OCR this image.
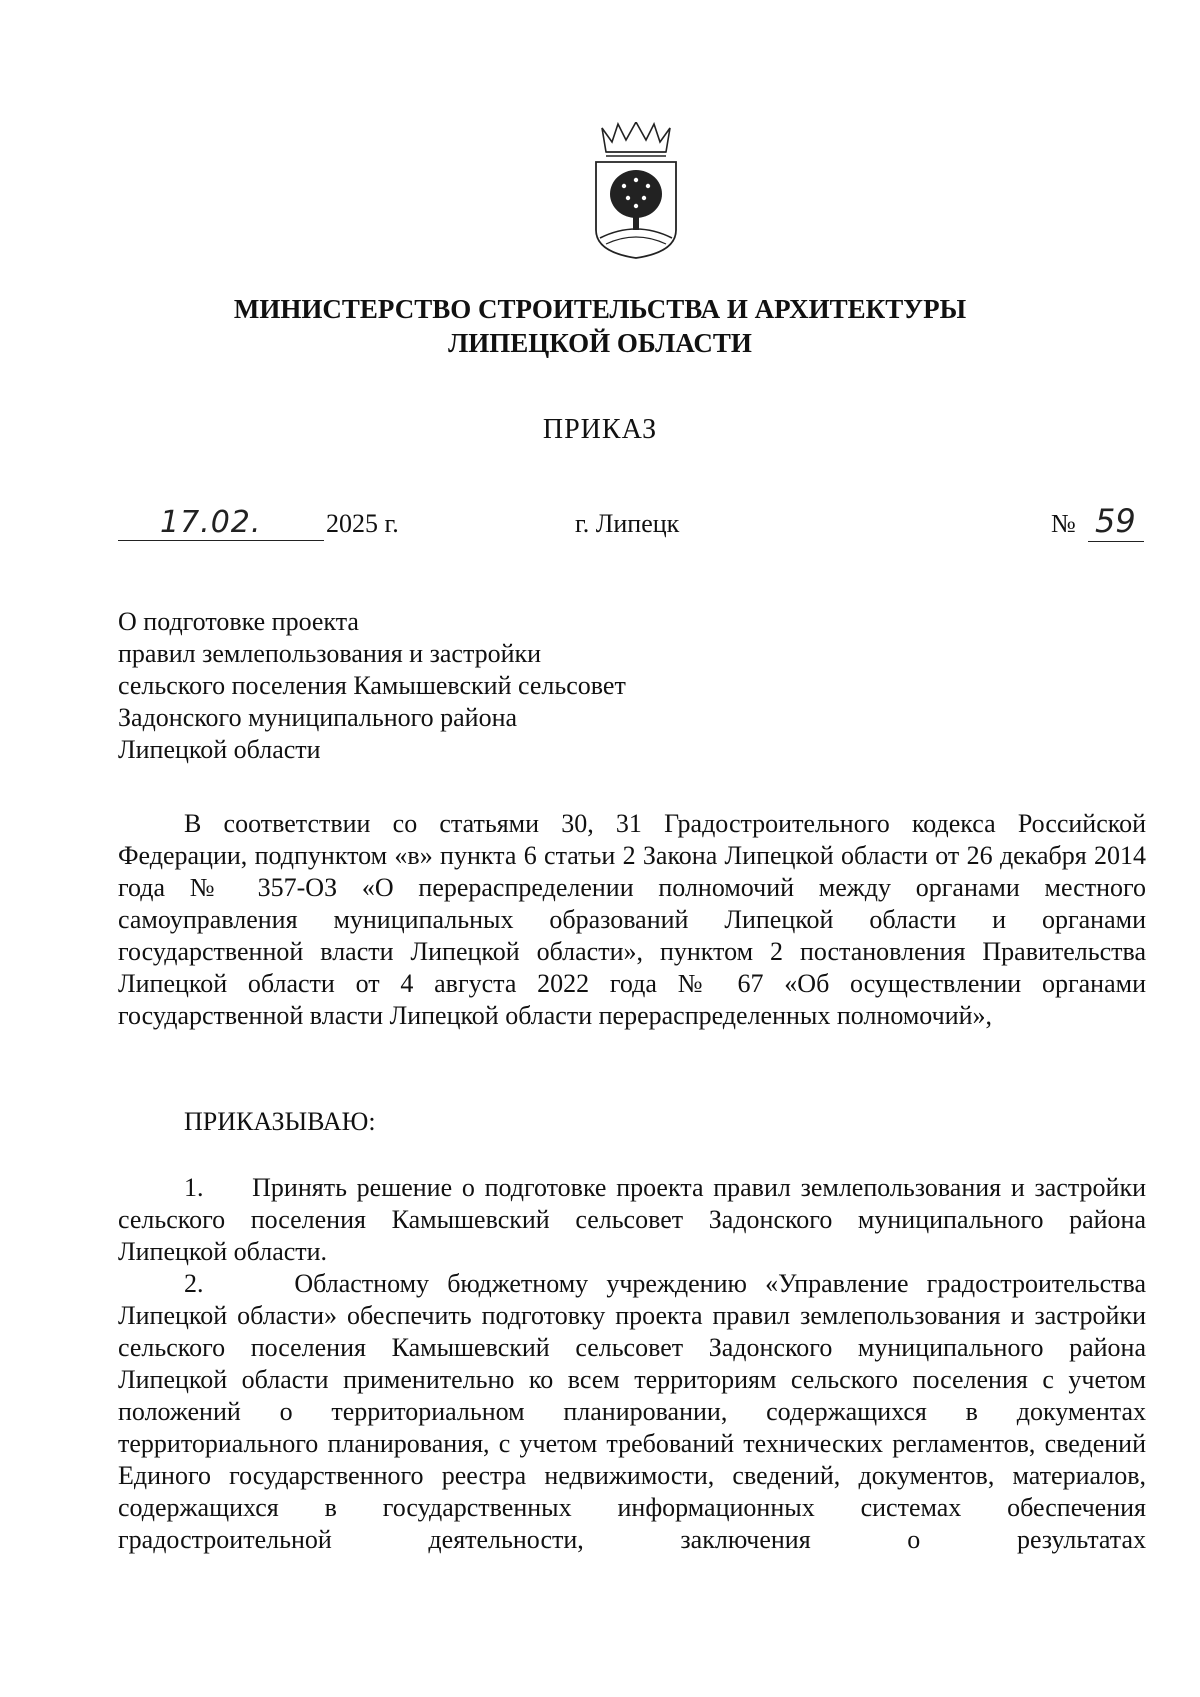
МИНИСТЕРСТВО СТРОИТЕЛЬСТВА И АРХИТЕКТУРЫ
ЛИПЕЦКОЙ ОБЛАСТИ
ПРИКАЗ
17.02. 2025 г.	г. Липецк	№ 59
О подготовке проекта
правил землепользования и застройки
сельского поселения Камышевский сельсовет
Задонского муниципального района
Липецкой области

В соответствии со статьями 30, 31 Градостроительного кодекса Российской Федерации, подпунктом «в» пункта 6 статьи 2 Закона Липецкой области от 26 декабря 2014 года № 357-ОЗ «О перераспределении полномочий между органами местного самоуправления муниципальных образований Липецкой области и органами государственной власти Липецкой области», пунктом 2 постановления Правительства Липецкой области от 4 августа 2022 года № 67 «Об осуществлении органами государственной власти Липецкой области перераспределенных полномочий»,

ПРИКАЗЫВАЮ:

1.     Принять решение о подготовке проекта правил землепользования и застройки сельского поселения Камышевский сельсовет Задонского муниципального района Липецкой области.

2.     Областному бюджетному учреждению «Управление градостроительства Липецкой области» обеспечить подготовку проекта правил землепользования и застройки сельского поселения Камышевский сельсовет Задонского муниципального района Липецкой области применительно ко всем территориям сельского поселения с учетом положений о территориальном планировании, содержащихся в документах территориального планирования, с учетом требований технических регламентов, сведений Единого государственного реестра недвижимости, сведений, документов, материалов, содержащихся в государственных информационных системах обеспечения градостроительной деятельности, заключения о результатах
